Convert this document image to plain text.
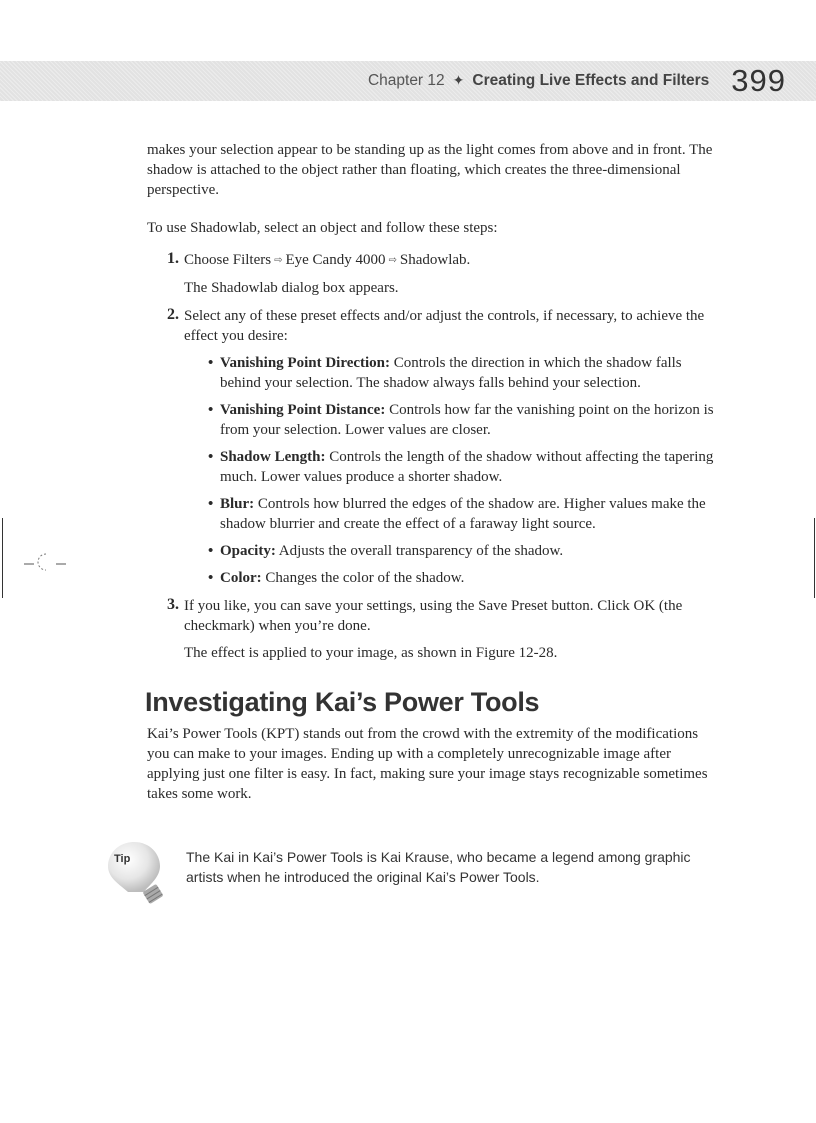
Chapter 12 ✦ Creating Live Effects and Filters 399

makes your selection appear to be standing up as the light comes from above and in front. The shadow is attached to the object rather than floating, which creates the three-dimensional perspective.

To use Shadowlab, select an object and follow these steps:

1. Choose Filters ⇨ Eye Candy 4000 ⇨ Shadowlab.

The Shadowlab dialog box appears.

2. Select any of these preset effects and/or adjust the controls, if necessary, to achieve the effect you desire:

• Vanishing Point Direction: Controls the direction in which the shadow falls behind your selection. The shadow always falls behind your selection.
• Vanishing Point Distance: Controls how far the vanishing point on the horizon is from your selection. Lower values are closer.
• Shadow Length: Controls the length of the shadow without affecting the tapering much. Lower values produce a shorter shadow.
• Blur: Controls how blurred the edges of the shadow are. Higher values make the shadow blurrier and create the effect of a faraway light source.
• Opacity: Adjusts the overall transparency of the shadow.
• Color: Changes the color of the shadow.
3. If you like, you can save your settings, using the Save Preset button. Click OK (the checkmark) when you’re done.

The effect is applied to your image, as shown in Figure 12-28.

Investigating Kai’s Power Tools

Kai’s Power Tools (KPT) stands out from the crowd with the extremity of the modifications you can make to your images. Ending up with a completely unrecognizable image after applying just one filter is easy. In fact, making sure your image stays recognizable sometimes takes some work.

Tip	The Kai in Kai’s Power Tools is Kai Krause, who became a legend among graphic artists when he introduced the original Kai’s Power Tools.
